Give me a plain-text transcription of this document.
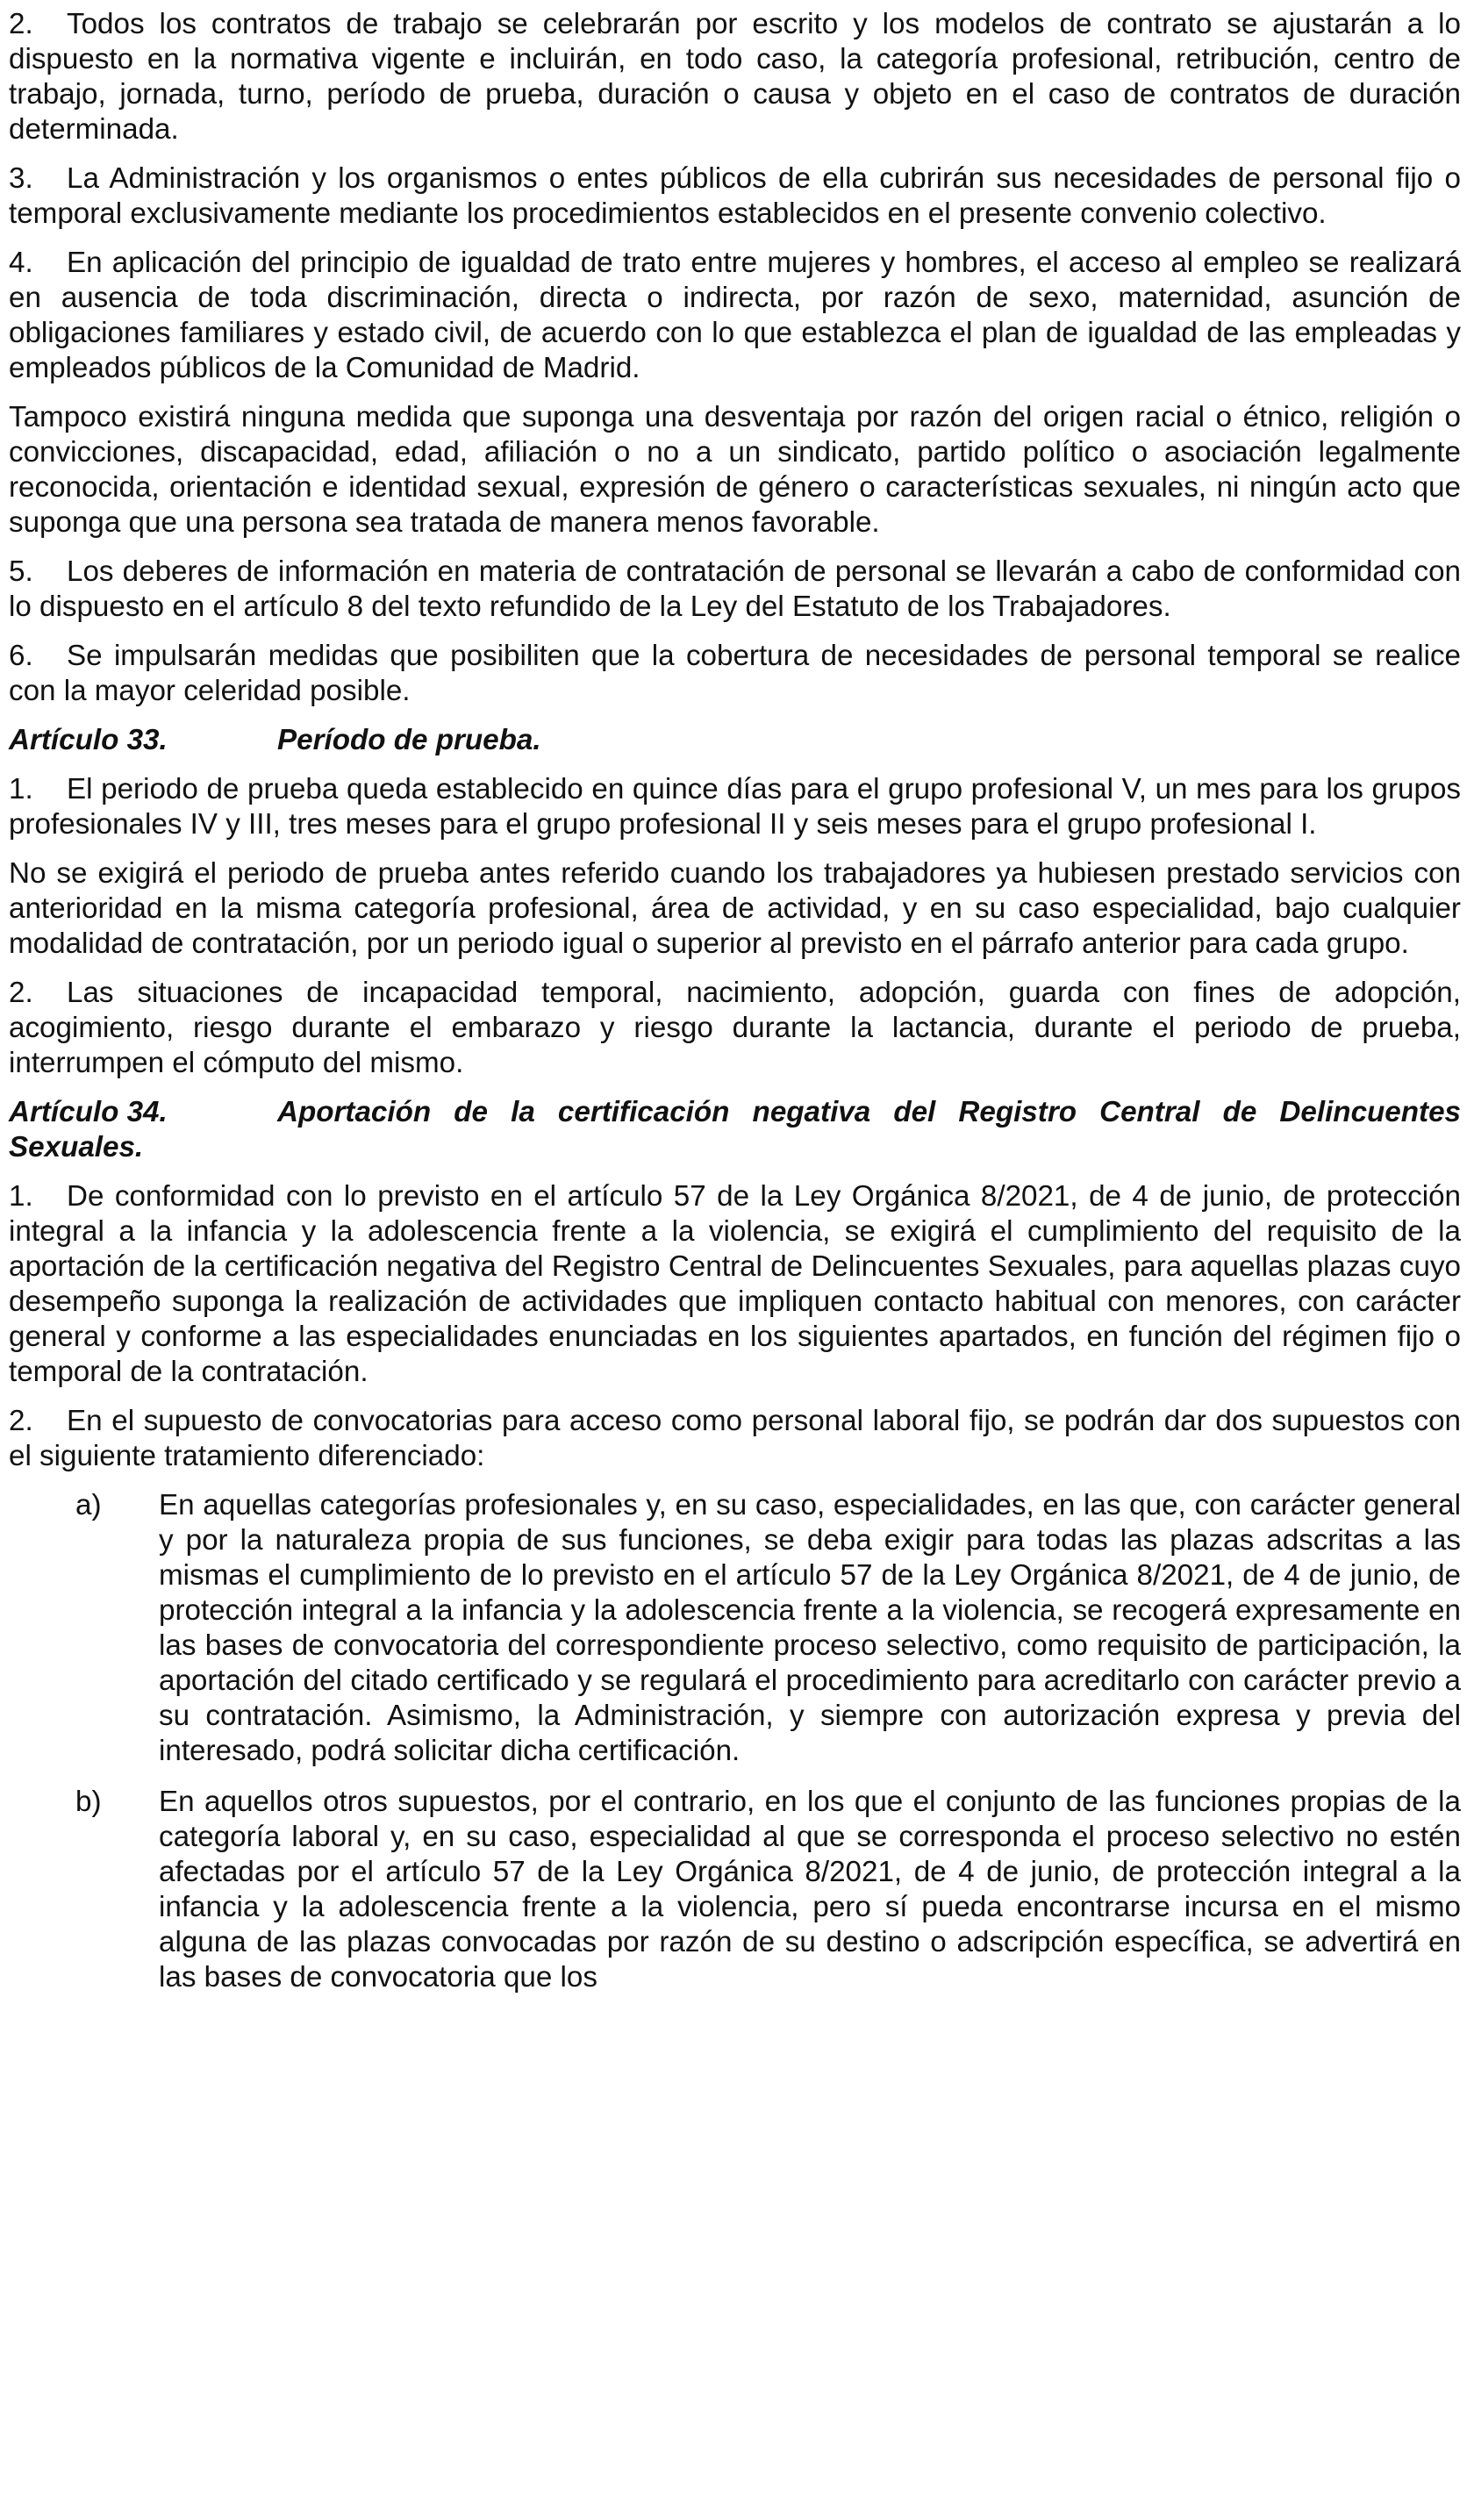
2. Todos los contratos de trabajo se celebrarán por escrito y los modelos de contrato se ajustarán a lo dispuesto en la normativa vigente e incluirán, en todo caso, la categoría profesional, retribución, centro de trabajo, jornada, turno, período de prueba, duración o causa y objeto en el caso de contratos de duración determinada.

3. La Administración y los organismos o entes públicos de ella cubrirán sus necesidades de personal fijo o temporal exclusivamente mediante los procedimientos establecidos en el presente convenio colectivo.

4. En aplicación del principio de igualdad de trato entre mujeres y hombres, el acceso al empleo se realizará en ausencia de toda discriminación, directa o indirecta, por razón de sexo, maternidad, asunción de obligaciones familiares y estado civil, de acuerdo con lo que establezca el plan de igualdad de las empleadas y empleados públicos de la Comunidad de Madrid.

Tampoco existirá ninguna medida que suponga una desventaja por razón del origen racial o étnico, religión o convicciones, discapacidad, edad, afiliación o no a un sindicato, partido político o asociación legalmente reconocida, orientación e identidad sexual, expresión de género o características sexuales, ni ningún acto que suponga que una persona sea tratada de manera menos favorable.

5. Los deberes de información en materia de contratación de personal se llevarán a cabo de conformidad con lo dispuesto en el artículo 8 del texto refundido de la Ley del Estatuto de los Trabajadores.

6. Se impulsarán medidas que posibiliten que la cobertura de necesidades de personal temporal se realice con la mayor celeridad posible.

Artículo 33.	Período de prueba.

1. El periodo de prueba queda establecido en quince días para el grupo profesional V, un mes para los grupos profesionales IV y III, tres meses para el grupo profesional II y seis meses para el grupo profesional I.

No se exigirá el periodo de prueba antes referido cuando los trabajadores ya hubiesen prestado servicios con anterioridad en la misma categoría profesional, área de actividad, y en su caso especialidad, bajo cualquier modalidad de contratación, por un periodo igual o superior al previsto en el párrafo anterior para cada grupo.

2. Las situaciones de incapacidad temporal, nacimiento, adopción, guarda con fines de adopción, acogimiento, riesgo durante el embarazo y riesgo durante la lactancia, durante el periodo de prueba, interrumpen el cómputo del mismo.

Artículo 34.	Aportación de la certificación negativa del Registro Central de Delincuentes Sexuales.

1. De conformidad con lo previsto en el artículo 57 de la Ley Orgánica 8/2021, de 4 de junio, de protección integral a la infancia y la adolescencia frente a la violencia, se exigirá el cumplimiento del requisito de la aportación de la certificación negativa del Registro Central de Delincuentes Sexuales, para aquellas plazas cuyo desempeño suponga la realización de actividades que impliquen contacto habitual con menores, con carácter general y conforme a las especialidades enunciadas en los siguientes apartados, en función del régimen fijo o temporal de la contratación.

2. En el supuesto de convocatorias para acceso como personal laboral fijo, se podrán dar dos supuestos con el siguiente tratamiento diferenciado:

a) En aquellas categorías profesionales y, en su caso, especialidades, en las que, con carácter general y por la naturaleza propia de sus funciones, se deba exigir para todas las plazas adscritas a las mismas el cumplimiento de lo previsto en el artículo 57 de la Ley Orgánica 8/2021, de 4 de junio, de protección integral a la infancia y la adolescencia frente a la violencia, se recogerá expresamente en las bases de convocatoria del correspondiente proceso selectivo, como requisito de participación, la aportación del citado certificado y se regulará el procedimiento para acreditarlo con carácter previo a su contratación. Asimismo, la Administración, y siempre con autorización expresa y previa del interesado, podrá solicitar dicha certificación.

b) En aquellos otros supuestos, por el contrario, en los que el conjunto de las funciones propias de la categoría laboral y, en su caso, especialidad al que se corresponda el proceso selectivo no estén afectadas por el artículo 57 de la Ley Orgánica 8/2021, de 4 de junio, de protección integral a la infancia y la adolescencia frente a la violencia, pero sí pueda encontrarse incursa en el mismo alguna de las plazas convocadas por razón de su destino o adscripción específica, se advertirá en las bases de convocatoria que los
